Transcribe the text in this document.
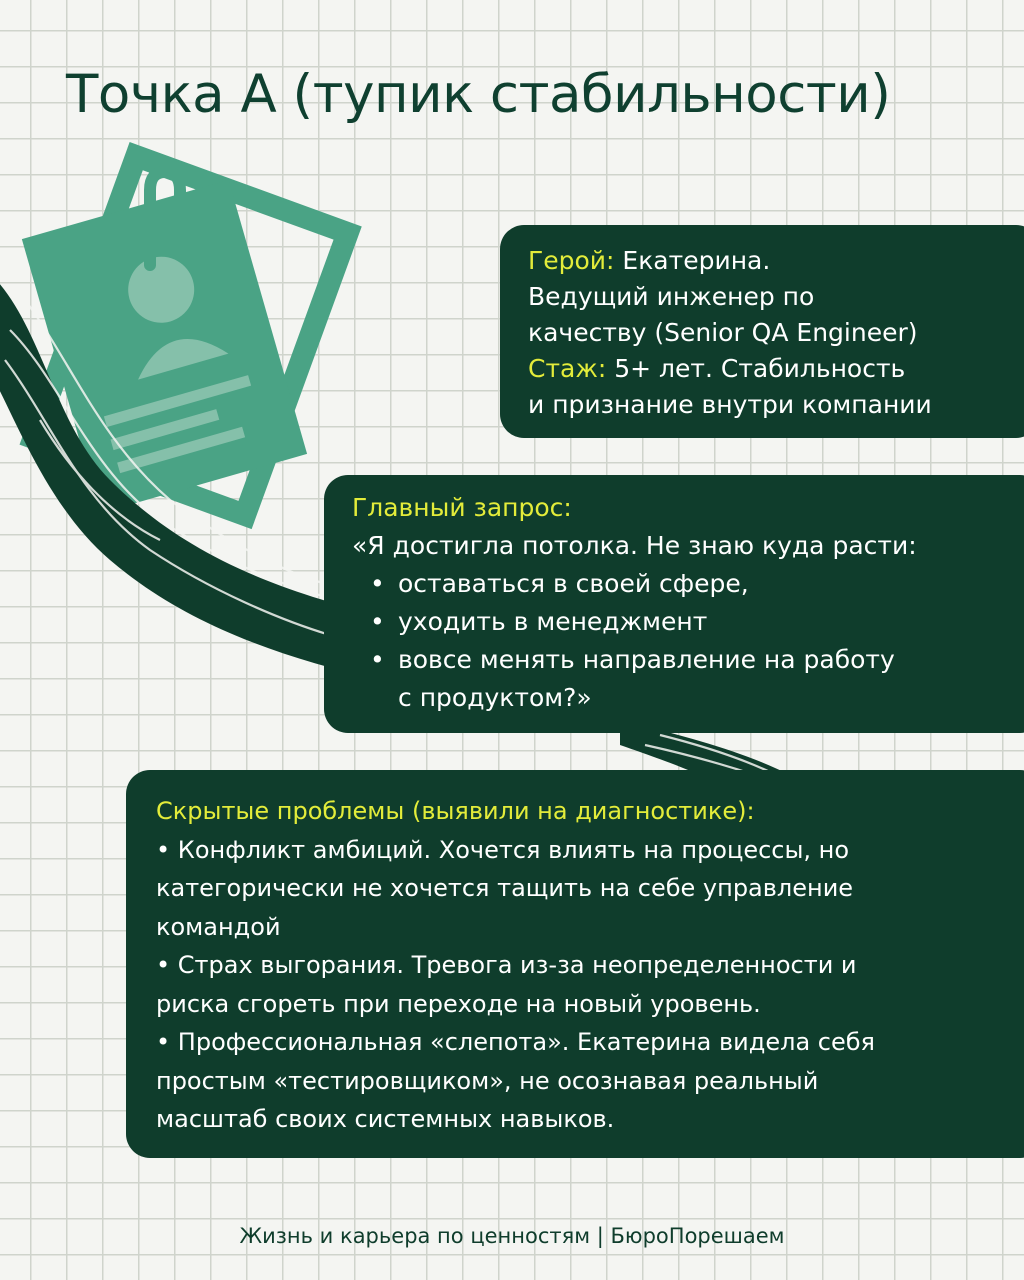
Точка А (тупик стабильности)

Герой: Екатерина.

Ведущий инженер по

качеству (Senior QA Engineer)

Стаж: 5+ лет. Стабильность

и признание внутри компании

Главный запрос:

«Я достигла потолка. Не знаю куда расти:

• оставаться в своей сфере,
• уходить в менеджмент
• вовсе менять направление на работу

с продуктом?»

Скрытые проблемы (выявили на диагностике):

• Конфликт амбиций. Хочется влиять на процессы, но

категорически не хочется тащить на себе управление

командой

• Страх выгорания. Тревога из-за неопределенности и

риска сгореть при переходе на новый уровень.

• Профессиональная «слепота». Екатерина видела себя

простым «тестировщиком», не осознавая реальный

масштаб своих системных навыков.

Жизнь и карьера по ценностям | БюроПорешаем
